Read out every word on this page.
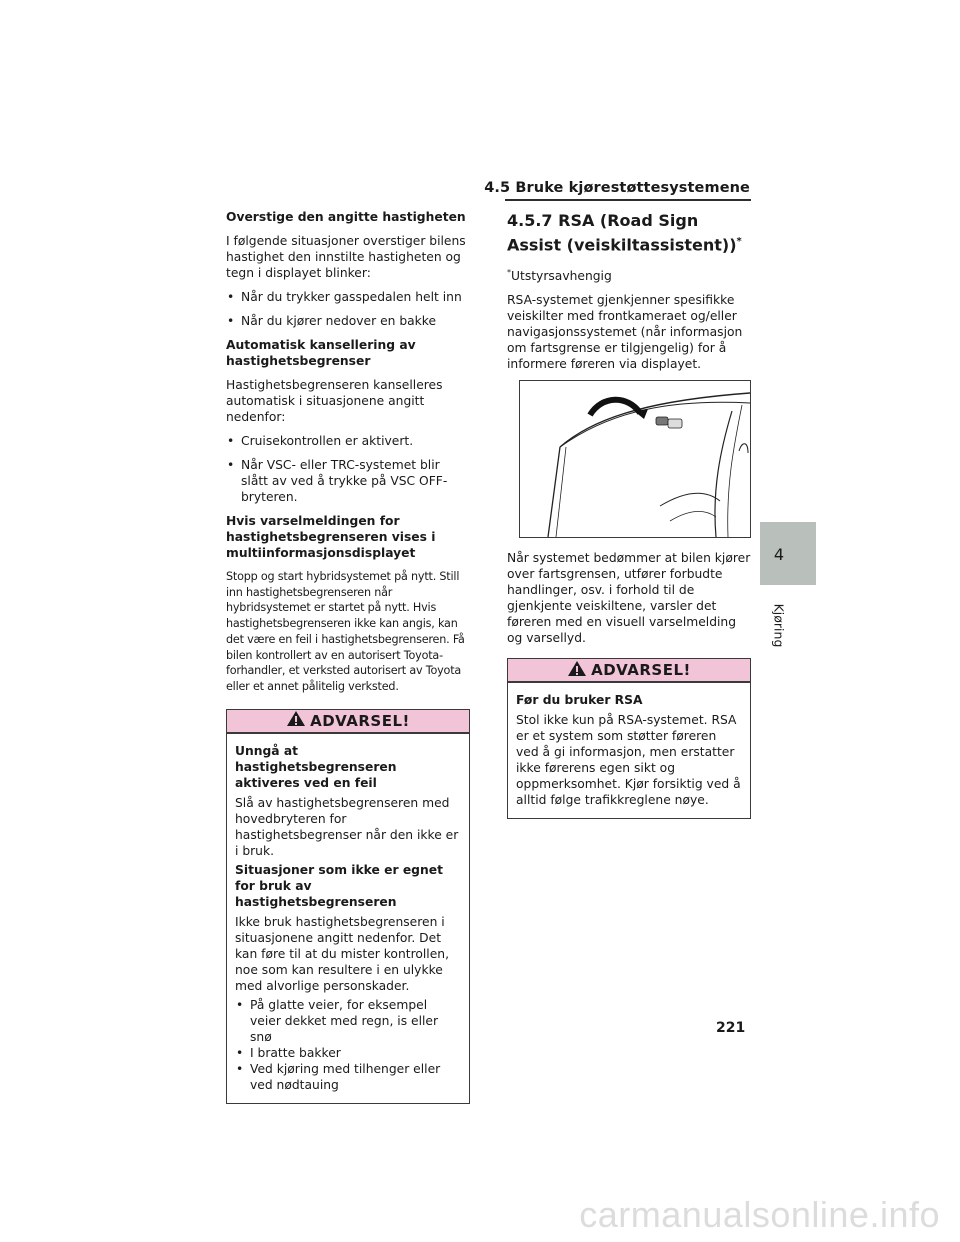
4.5 Bruke kjørestøttesystemene
Overstige den angitte hastigheten
I følgende situasjoner overstiger bilens hastighet den innstilte hastigheten og tegn i displayet blinker:
• Når du trykker gasspedalen helt inn
• Når du kjører nedover en bakke
Automatisk kansellering av hastighetsbegrenser
Hastighetsbegrenseren kanselleres automatisk i situasjonene angitt nedenfor:
• Cruisekontrollen er aktivert.
• Når VSC- eller TRC-systemet blir slått av ved å trykke på VSC OFF-bryteren.
Hvis varselmeldingen for hastighetsbegrenseren vises i multiinformasjonsdisplayet
Stopp og start hybridsystemet på nytt. Still inn hastighetsbegrenseren når hybridsystemet er startet på nytt. Hvis hastighetsbegrenseren ikke kan angis, kan det være en feil i hastighetsbegrenseren. Få bilen kontrollert av en autorisert Toyota-forhandler, et verksted autorisert av Toyota eller et annet pålitelig verksted.
ADVARSEL!
Unngå at hastighetsbegrenseren aktiveres ved en feil
Slå av hastighetsbegrenseren med hovedbryteren for hastighetsbegrenser når den ikke er i bruk.
Situasjoner som ikke er egnet for bruk av hastighetsbegrenseren
Ikke bruk hastighetsbegrenseren i situasjonene angitt nedenfor. Det kan føre til at du mister kontrollen, noe som kan resultere i en ulykke med alvorlige personskader.
• På glatte veier, for eksempel veier dekket med regn, is eller snø
• I bratte bakker
• Ved kjøring med tilhenger eller ved nødtauing
4.5.7 RSA (Road Sign Assist (veiskiltassistent))*
*Utstyrsavhengig
RSA-systemet gjenkjenner spesifikke veiskilter med frontkameraet og/eller navigasjonssystemet (når informasjon om fartsgrense er tilgjengelig) for å informere føreren via displayet.
Når systemet bedømmer at bilen kjører over fartsgrensen, utfører forbudte handlinger, osv. i forhold til de gjenkjente veiskiltene, varsler det føreren med en visuell varselmelding og varsellyd.
ADVARSEL!
Før du bruker RSA
Stol ikke kun på RSA-systemet. RSA er et system som støtter føreren ved å gi informasjon, men erstatter ikke førerens egen sikt og oppmerksomhet. Kjør forsiktig ved å alltid følge trafikkreglene nøye.
4
Kjøring
221
carmanualsonline.info
